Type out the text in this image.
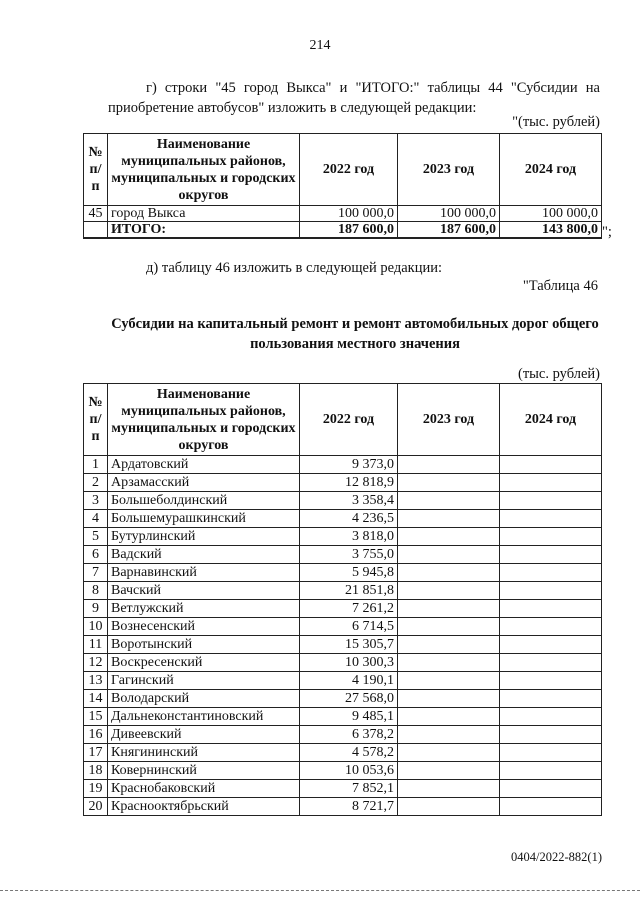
214
г) строки "45 город Выкса" и "ИТОГО:" таблицы 44 "Субсидии на приобретение автобусов" изложить в следующей редакции:
"(тыс. рублей)
№ п/п	Наименование муниципальных районов, муниципальных и городских округов	2022 год	2023 год	2024 год
45	город Выкса	100 000,0	100 000,0	100 000,0
	ИТОГО:	187 600,0	187 600,0	143 800,0 ";
д) таблицу 46 изложить в следующей редакции:
"Таблица 46
Субсидии на капитальный ремонт и ремонт автомобильных дорог общего пользования местного значения
(тыс. рублей)
№ п/п	Наименование муниципальных районов, муниципальных и городских округов	2022 год	2023 год	2024 год
1	Ардатовский	9 373,0		
2	Арзамасский	12 818,9		
3	Большеболдинский	3 358,4		
4	Большемурашкинский	4 236,5		
5	Бутурлинский	3 818,0		
6	Вадский	3 755,0		
7	Варнавинский	5 945,8		
8	Вачский	21 851,8		
9	Ветлужский	7 261,2		
10	Вознесенский	6 714,5		
11	Воротынский	15 305,7		
12	Воскресенский	10 300,3		
13	Гагинский	4 190,1		
14	Володарский	27 568,0		
15	Дальнеконстантиновский	9 485,1		
16	Дивеевский	6 378,2		
17	Княгининский	4 578,2		
18	Ковернинский	10 053,6		
19	Краснобаковский	7 852,1		
20	Краснооктябрьский	8 721,7		
0404/2022-882(1)
